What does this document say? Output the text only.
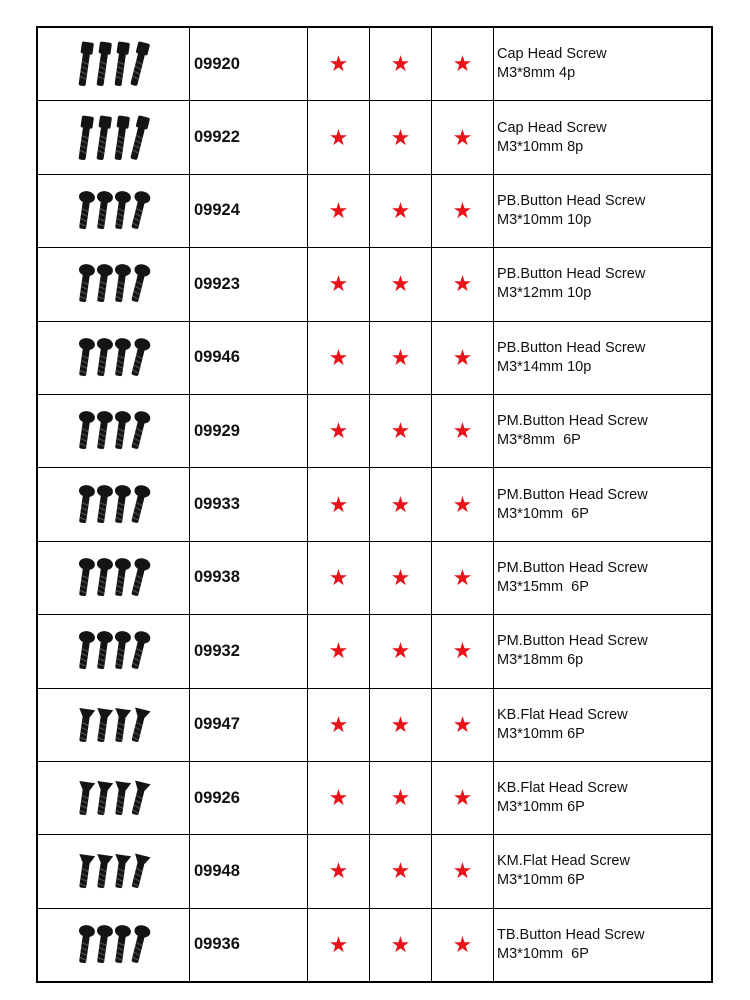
	09920	★	★	★	Cap Head Screw
M3*8mm 4p

	09922	★	★	★	Cap Head Screw
M3*10mm 8p

	09924	★	★	★	PB.Button Head Screw
M3*10mm 10p

	09923	★	★	★	PB.Button Head Screw
M3*12mm 10p

	09946	★	★	★	PB.Button Head Screw
M3*14mm 10p

	09929	★	★	★	PM.Button Head Screw
M3*8mm  6P

	09933	★	★	★	PM.Button Head Screw
M3*10mm  6P

	09938	★	★	★	PM.Button Head Screw
M3*15mm  6P

	09932	★	★	★	PM.Button Head Screw
M3*18mm 6p

	09947	★	★	★	KB.Flat Head Screw
M3*10mm 6P

	09926	★	★	★	KB.Flat Head Screw
M3*10mm 6P

	09948	★	★	★	KM.Flat Head Screw
M3*10mm 6P

	09936	★	★	★	TB.Button Head Screw
M3*10mm  6P
